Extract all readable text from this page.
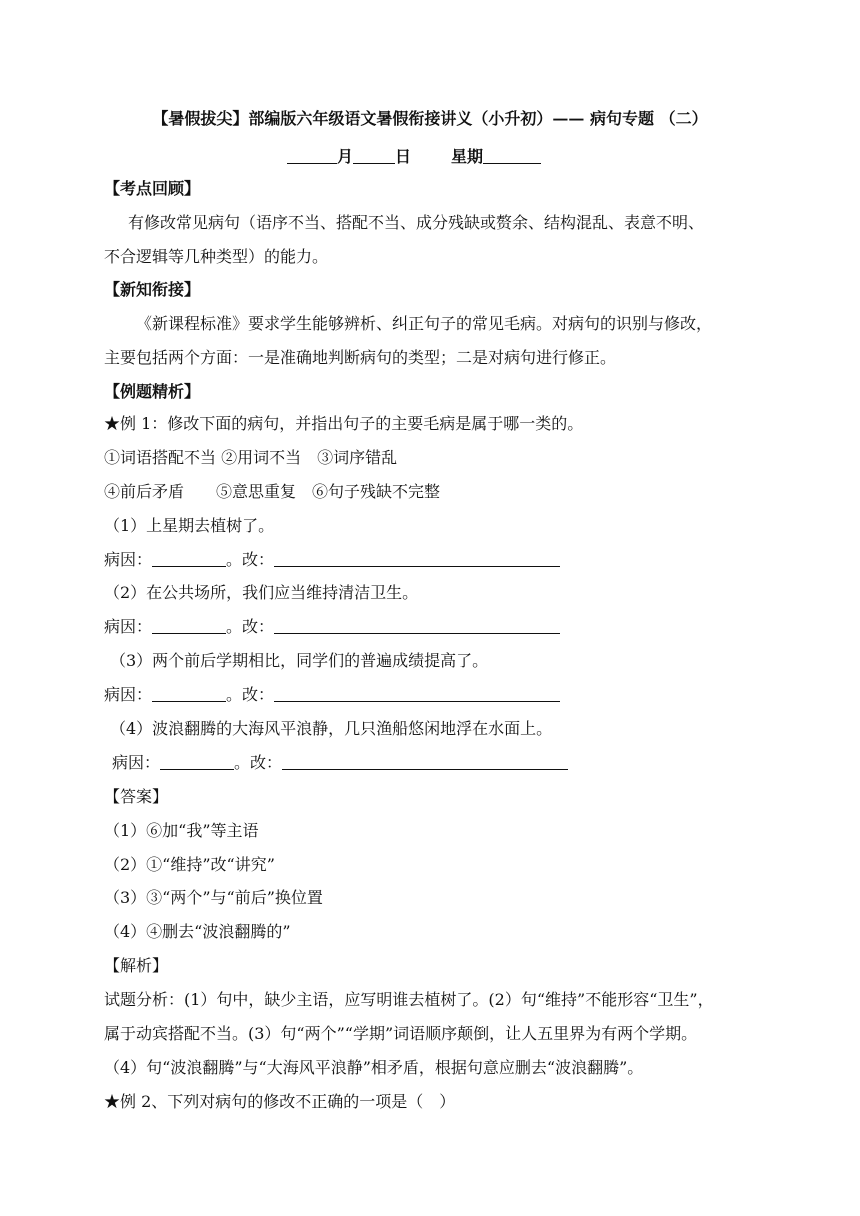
【暑假拔尖】部编版六年级语文暑假衔接讲义（小升初）—— 病句专题 （二）
月	日	星期
【考点回顾】
有修改常见病句（语序不当、搭配不当、成分残缺或赘余、结构混乱、表意不明、
不合逻辑等几种类型）的能力。
【新知衔接】
《新课程标准》要求学生能够辨析、纠正句子的常见毛病。对病句的识别与修改，
主要包括两个方面：一是准确地判断病句的类型；二是对病句进行修正。
【例题精析】
★例 1：修改下面的病句，并指出句子的主要毛病是属于哪一类的。
①词语搭配不当 ②用词不当　③词序错乱
④前后矛盾　　⑤意思重复　⑥句子残缺不完整
（1）上星期去植树了。
病因：	。改：
（2）在公共场所，我们应当维持清洁卫生。
病因：	。改：
（3）两个前后学期相比，同学们的普遍成绩提高了。
病因：	。改：
（4）波浪翻腾的大海风平浪静，几只渔船悠闲地浮在水面上。
病因：	。改：
【答案】
（1）⑥加“我”等主语
（2）①“维持”改“讲究”
（3）③“两个”与“前后”换位置
（4）④删去“波浪翻腾的”
【解析】
试题分析：(1）句中，缺少主语，应写明谁去植树了。(2）句“维持”不能形容“卫生”，
属于动宾搭配不当。(3）句“两个”“学期”词语顺序颠倒，让人五里界为有两个学期。
（4）句“波浪翻腾”与“大海风平浪静”相矛盾，根据句意应删去“波浪翻腾”。
★例 2、下列对病句的修改不正确的一项是（　）
